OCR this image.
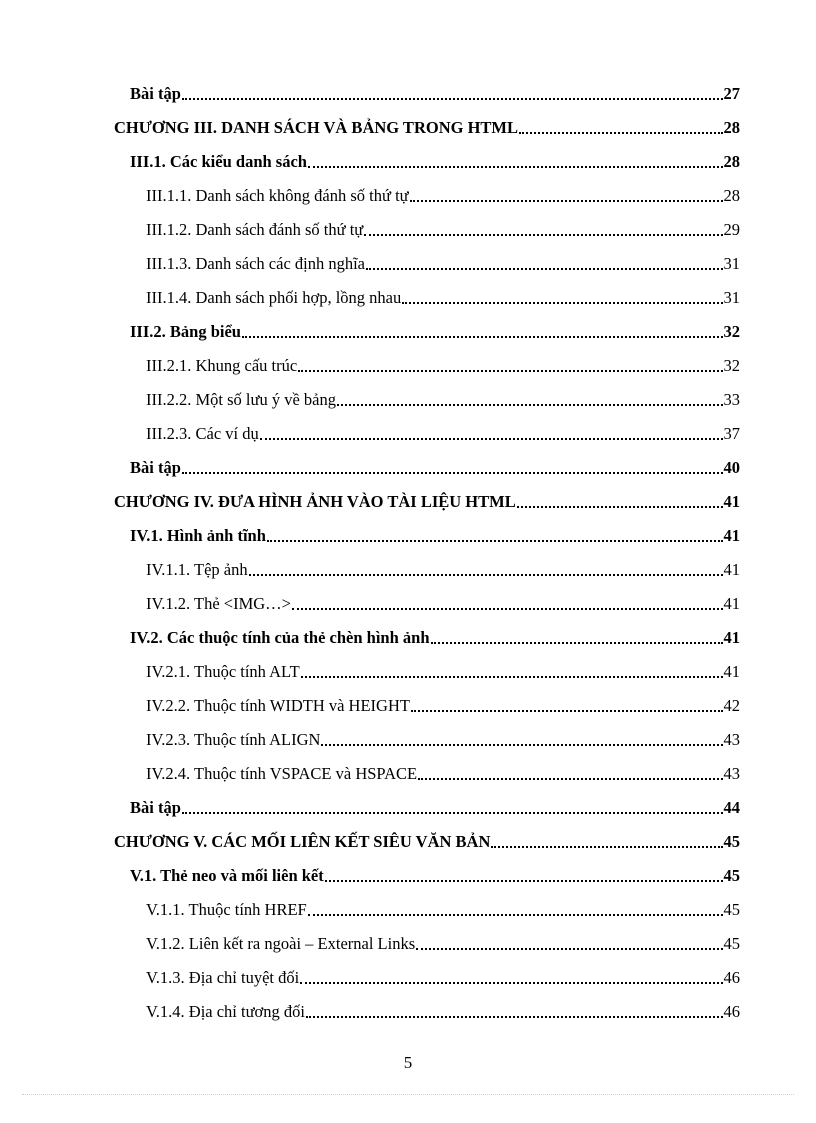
Bài tập	27
CHƯƠNG III. DANH SÁCH VÀ BẢNG TRONG HTML	28
III.1. Các kiểu danh sách	28
III.1.1. Danh sách không đánh số thứ tự	28
III.1.2. Danh sách đánh số thứ tự	29
III.1.3. Danh sách các định nghĩa	31
III.1.4. Danh sách phối hợp, lồng nhau	31
III.2. Bảng biểu	32
III.2.1. Khung cấu trúc	32
III.2.2. Một số lưu ý về bảng	33
III.2.3. Các ví dụ	37
Bài tập	40
CHƯƠNG IV. ĐƯA HÌNH ẢNH VÀO TÀI LIỆU HTML	41
IV.1. Hình ảnh tĩnh	41
IV.1.1. Tệp ảnh	41
IV.1.2. Thẻ <IMG…>	41
IV.2. Các thuộc tính của thẻ chèn hình ảnh	41
IV.2.1. Thuộc tính ALT	41
IV.2.2. Thuộc tính WIDTH và HEIGHT	42
IV.2.3. Thuộc tính ALIGN	43
IV.2.4. Thuộc tính VSPACE và HSPACE	43
Bài tập	44
CHƯƠNG V. CÁC MỐI LIÊN KẾT SIÊU VĂN BẢN	45
V.1. Thẻ neo và mối liên kết	45
V.1.1. Thuộc tính HREF	45
V.1.2. Liên kết ra ngoài – External Links	45
V.1.3. Địa chỉ tuyệt đối	46
V.1.4. Địa chỉ tương đối	46
5
